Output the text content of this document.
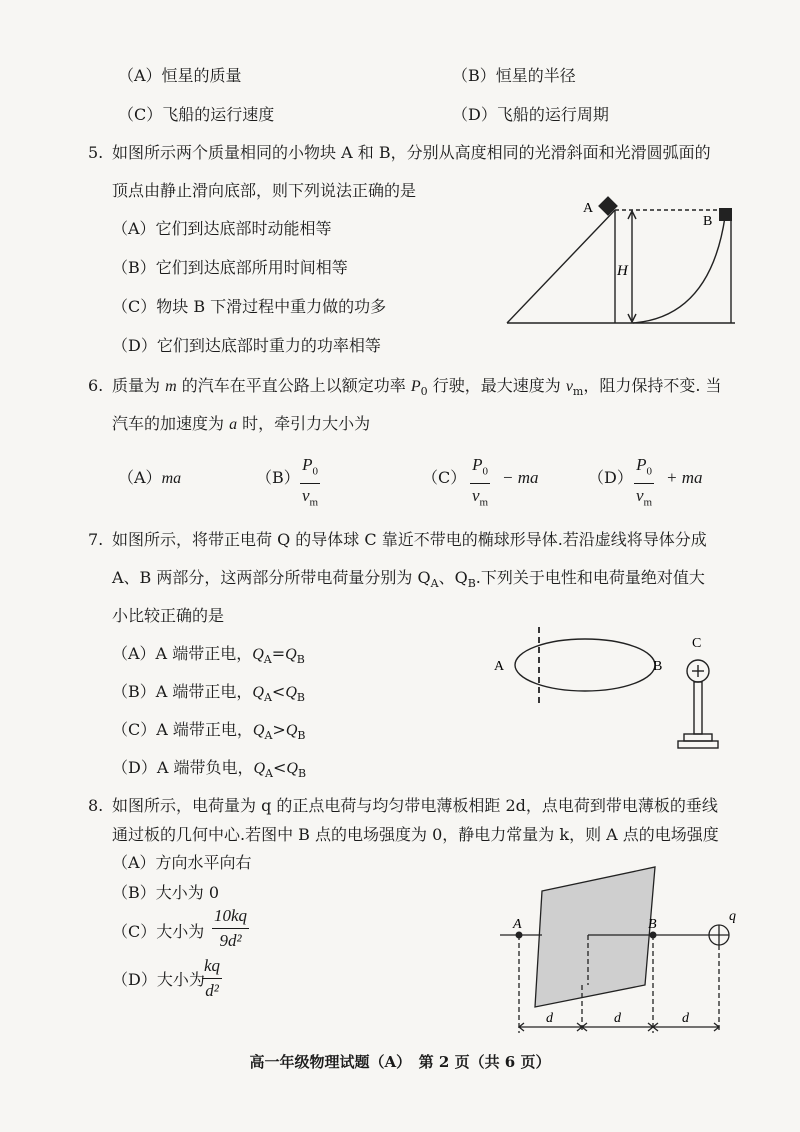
（A）恒星的质量	（B）恒星的半径
（C）飞船的运行速度	（D）飞船的运行周期
5. 如图所示两个质量相同的小物块 A 和 B，分别从高度相同的光滑斜面和光滑圆弧面的
顶点由静止滑向底部，则下列说法正确的是
（A）它们到达底部时动能相等
（B）它们到达底部所用时间相等
（C）物块 B 下滑过程中重力做的功多
（D）它们到达底部时重力的功率相等
A
B
H
6. 质量为 m 的汽车在平直公路上以额定功率 $P_0$ 行驶，最大速度为 $v_m$，阻力保持不变. 当
汽车的加速度为 a 时，牵引力大小为
（A）ma	（B）
$P_0$
$v_m$
（C）
$P_0$
$v_m$
− ma	（D）
$P_0$
$v_m$
+ ma
7. 如图所示，将带正电荷 Q 的导体球 C 靠近不带电的椭球形导体.若沿虚线将导体分成
A、B 两部分，这两部分所带电荷量分别为 $Q_A$、$Q_B$.下列关于电性和电荷量绝对值大
小比较正确的是
（A）A 端带正电，$Q_A=Q_B$
（B）A 端带正电，$Q_A<Q_B$
（C）A 端带正电，$Q_A>Q_B$
（D）A 端带负电，$Q_A<Q_B$
A	B
C
8. 如图所示，电荷量为 q 的正点电荷与均匀带电薄板相距 2d，点电荷到带电薄板的垂线
通过板的几何中心.若图中 B 点的电场强度为 0，静电力常量为 k，则 A 点的电场强度
（A）方向水平向右
（B）大小为 0
（C）大小为
10kq
9d²
（D）大小为
kq
d²
A	B
q
d	d	d
高一年级物理试题（A）　第 2 页（共 6 页）
